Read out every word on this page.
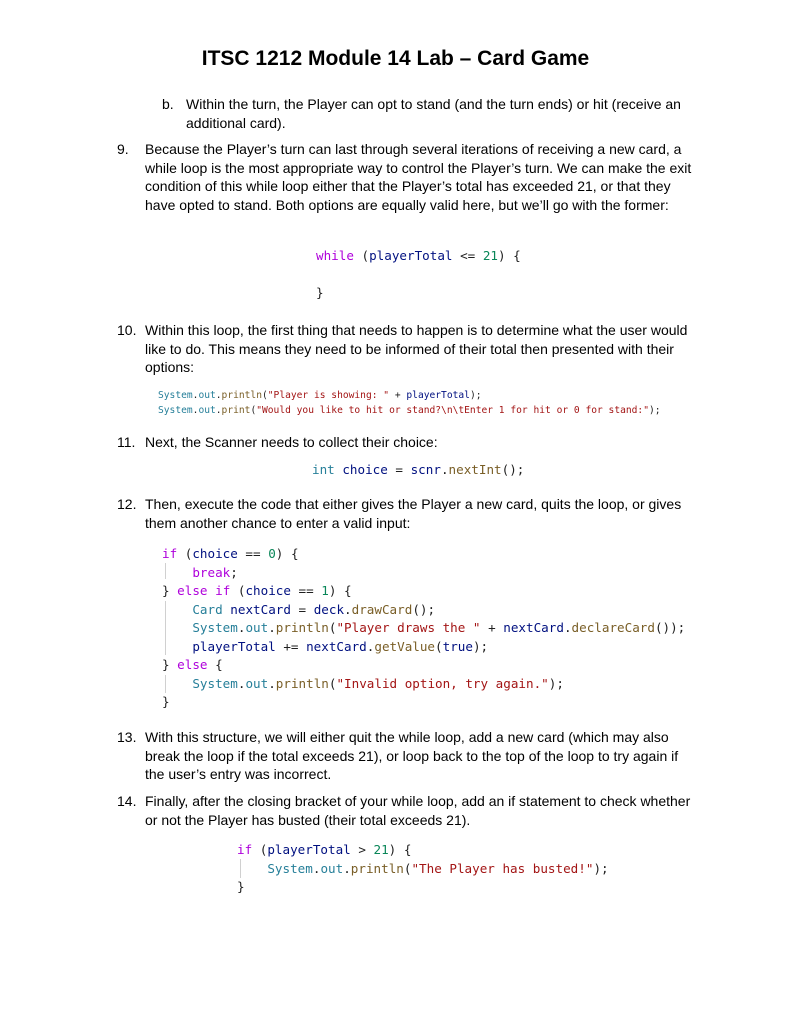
ITSC 1212 Module 14 Lab – Card Game
b. Within the turn, the Player can opt to stand (and the turn ends) or hit (receive an additional card).
9. Because the Player’s turn can last through several iterations of receiving a new card, a while loop is the most appropriate way to control the Player’s turn. We can make the exit condition of this while loop either that the Player’s total has exceeded 21, or that they have opted to stand. Both options are equally valid here, but we’ll go with the former:
while (playerTotal <= 21) {
}
10. Within this loop, the first thing that needs to happen is to determine what the user would like to do. This means they need to be informed of their total then presented with their options:
System.out.println("Player is showing: " + playerTotal);
System.out.print("Would you like to hit or stand?\n\tEnter 1 for hit or 0 for stand:");
11. Next, the Scanner needs to collect their choice:
int choice = scnr.nextInt();
12. Then, execute the code that either gives the Player a new card, quits the loop, or gives them another chance to enter a valid input:
if (choice == 0) {
break;
} else if (choice == 1) {
Card nextCard = deck.drawCard();
System.out.println("Player draws the " + nextCard.declareCard());
playerTotal += nextCard.getValue(true);
} else {
System.out.println("Invalid option, try again.");
}
13. With this structure, we will either quit the while loop, add a new card (which may also break the loop if the total exceeds 21), or loop back to the top of the loop to try again if the user’s entry was incorrect.
14. Finally, after the closing bracket of your while loop, add an if statement to check whether or not the Player has busted (their total exceeds 21).
if (playerTotal > 21) {
System.out.println("The Player has busted!");
}
